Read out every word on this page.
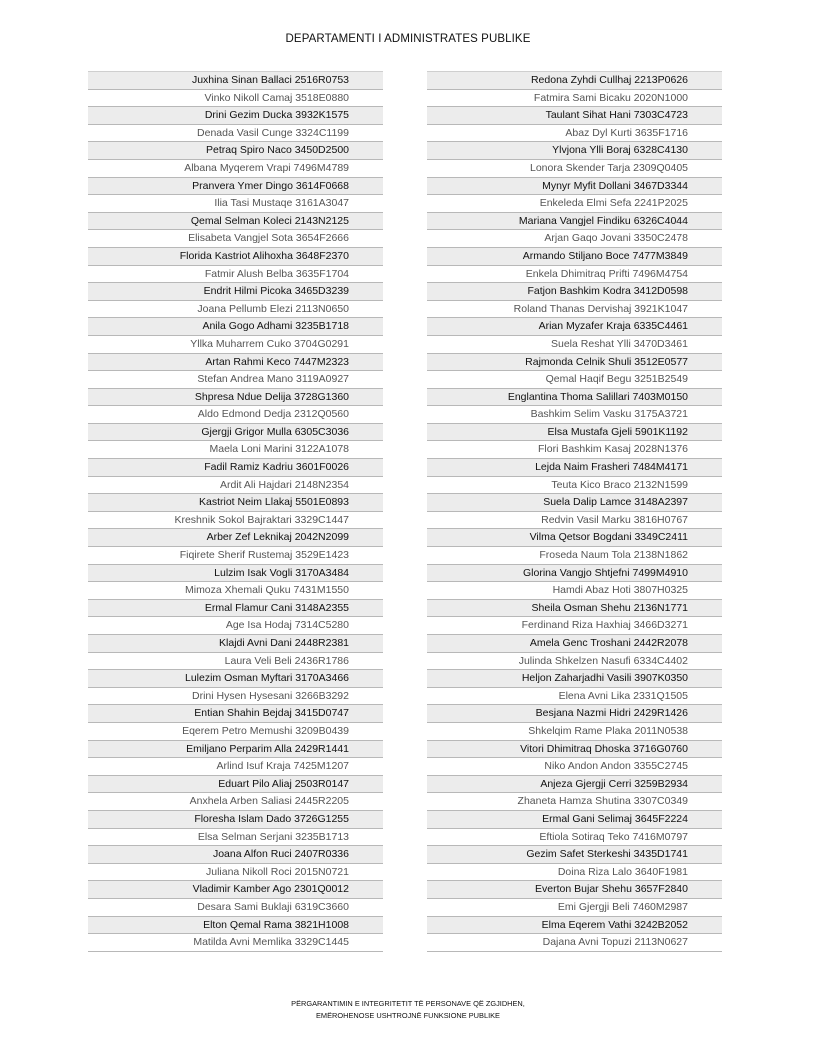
DEPARTAMENTI I ADMINISTRATES PUBLIKE
Juxhina Sinan Ballaci 2516R0753
Vinko Nikoll Camaj 3518E0880
Drini Gezim Ducka 3932K1575
Denada Vasil Cunge 3324C1199
Petraq Spiro Naco 3450D2500
Albana Myqerem Vrapi 7496M4789
Pranvera Ymer Dingo 3614F0668
Ilia Tasi Mustaqe 3161A3047
Qemal Selman Koleci 2143N2125
Elisabeta Vangjel Sota 3654F2666
Florida Kastriot Alihoxha 3648F2370
Fatmir Alush Belba 3635F1704
Endrit Hilmi Picoka 3465D3239
Joana Pellumb Elezi 2113N0650
Anila Gogo Adhami 3235B1718
Yllka Muharrem Cuko 3704G0291
Artan Rahmi Keco 7447M2323
Stefan Andrea Mano 3119A0927
Shpresa Ndue Delija 3728G1360
Aldo Edmond Dedja 2312Q0560
Gjergji Grigor Mulla 6305C3036
Maela Loni Marini 3122A1078
Fadil Ramiz Kadriu 3601F0026
Ardit Ali Hajdari 2148N2354
Kastriot Neim Llakaj 5501E0893
Kreshnik Sokol Bajraktari 3329C1447
Arber Zef Leknikaj 2042N2099
Fiqirete Sherif Rustemaj 3529E1423
Lulzim Isak Vogli 3170A3484
Mimoza Xhemali Quku 7431M1550
Ermal Flamur Cani 3148A2355
Age Isa Hodaj 7314C5280
Klajdi Avni Dani 2448R2381
Laura Veli Beli 2436R1786
Lulezim Osman Myftari 3170A3466
Drini Hysen Hysesani 3266B3292
Entian Shahin Bejdaj 3415D0747
Eqerem Petro Memushi 3209B0439
Emiljano Perparim Alla 2429R1441
Arlind Isuf Kraja 7425M1207
Eduart Pilo Aliaj 2503R0147
Anxhela Arben Saliasi 2445R2205
Floresha Islam Dado 3726G1255
Elsa Selman Serjani 3235B1713
Joana Alfon Ruci 2407R0336
Juliana Nikoll Roci 2015N0721
Vladimir Kamber Ago 2301Q0012
Desara Sami Buklaji 6319C3660
Elton Qemal Rama 3821H1008
Matilda Avni Memlika 3329C1445
Redona Zyhdi Cullhaj 2213P0626
Fatmira Sami Bicaku 2020N1000
Taulant Sihat Hani 7303C4723
Abaz Dyl Kurti 3635F1716
Ylvjona Ylli Boraj 6328C4130
Lonora Skender Tarja 2309Q0405
Mynyr Myfit Dollani 3467D3344
Enkeleda Elmi Sefa 2241P2025
Mariana Vangjel Findiku 6326C4044
Arjan Gaqo Jovani 3350C2478
Armando Stiljano Boce 7477M3849
Enkela Dhimitraq Prifti 7496M4754
Fatjon Bashkim Kodra 3412D0598
Roland Thanas Dervishaj 3921K1047
Arian Myzafer Kraja 6335C4461
Suela Reshat Ylli 3470D3461
Rajmonda Celnik Shuli 3512E0577
Qemal Haqif Begu 3251B2549
Englantina Thoma Salillari 7403M0150
Bashkim Selim Vasku 3175A3721
Elsa Mustafa Gjeli 5901K1192
Flori Bashkim Kasaj 2028N1376
Lejda Naim Frasheri 7484M4171
Teuta Kico Braco 2132N1599
Suela Dalip Lamce 3148A2397
Redvin Vasil Marku 3816H0767
Vilma Qetsor Bogdani 3349C2411
Froseda Naum Tola 2138N1862
Glorina Vangjo Shtjefni 7499M4910
Hamdi Abaz Hoti 3807H0325
Sheila Osman Shehu 2136N1771
Ferdinand Riza Haxhiaj 3466D3271
Amela Genc Troshani 2442R2078
Julinda Shkelzen Nasufi 6334C4402
Heljon Zaharjadhi Vasili 3907K0350
Elena Avni Lika 2331Q1505
Besjana Nazmi Hidri 2429R1426
Shkelqim Rame Plaka 2011N0538
Vitori Dhimitraq Dhoska 3716G0760
Niko Andon Andon 3355C2745
Anjeza Gjergji Cerri 3259B2934
Zhaneta Hamza Shutina 3307C0349
Ermal Gani Selimaj 3645F2224
Eftiola Sotiraq Teko 7416M0797
Gezim Safet Sterkeshi 3435D1741
Doina Riza Lalo 3640F1981
Everton Bujar Shehu 3657F2840
Emi Gjergji Beli 7460M2987
Elma Eqerem Vathi 3242B2052
Dajana Avni Topuzi 2113N0627
PËRGARANTIMIN E INTEGRITETIT TË PERSONAVE QË ZGJIDHEN,
EMËROHENOSE USHTROJNË FUNKSIONE PUBLIKE
